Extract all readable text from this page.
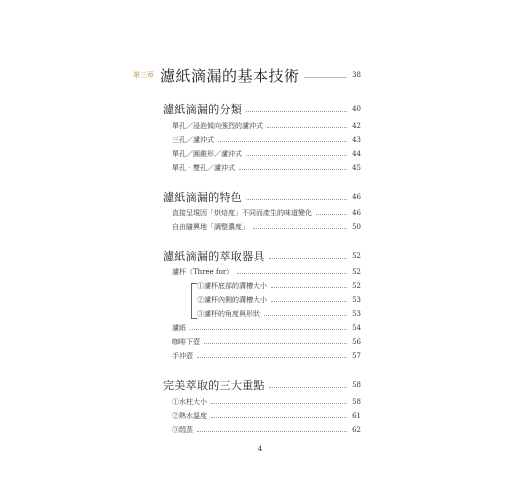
第三章 濾紙滴漏的基本技術	38
濾紙滴漏的分類	40
單孔／浸泡傾向強烈的濾沖式	42
三孔／濾沖式	43
單孔／圓錐形／濾沖式	44
單孔‧雙孔／濾沖式	45
濾紙滴漏的特色	46
直接呈現因「烘焙度」不同而產生的味道變化	46
自由隨興地「調整濃度」	50
濾紙滴漏的萃取器具	52
濾杯（Three for）	52
①濾杯底部的溝槽大小	52
②濾杯內側的溝槽大小	53
③濾杯的角度與形狀	53
濾紙	54
咖啡下壺	56
手沖壺	57
完美萃取的三大重點	58
①水柱大小	58
②熱水溫度	61
③悶蒸	62
4
